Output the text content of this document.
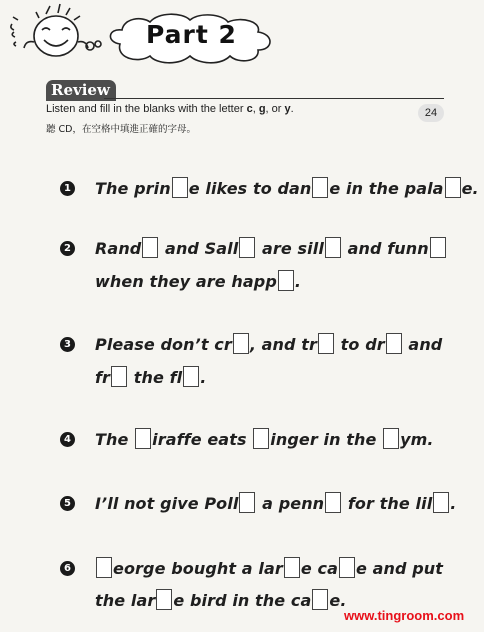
Part 2
Review
Listen and fill in the blanks with the letter c, g, or y.
聽 CD，在空格中填進正確的字母。
24
1 The prin e likes to dan e in the pala e.
2 Rand and Sall are sill and funn
when they are happ .
3 Please don’t cr , and tr to dr and
fr the fl .
4 The iraffe eats inger in the ym.
5 I’ll not give Poll a penn for the lil .
6	eorge bought a lar e ca e and put
the lar e bird in the ca e.
www.tingroom.com
